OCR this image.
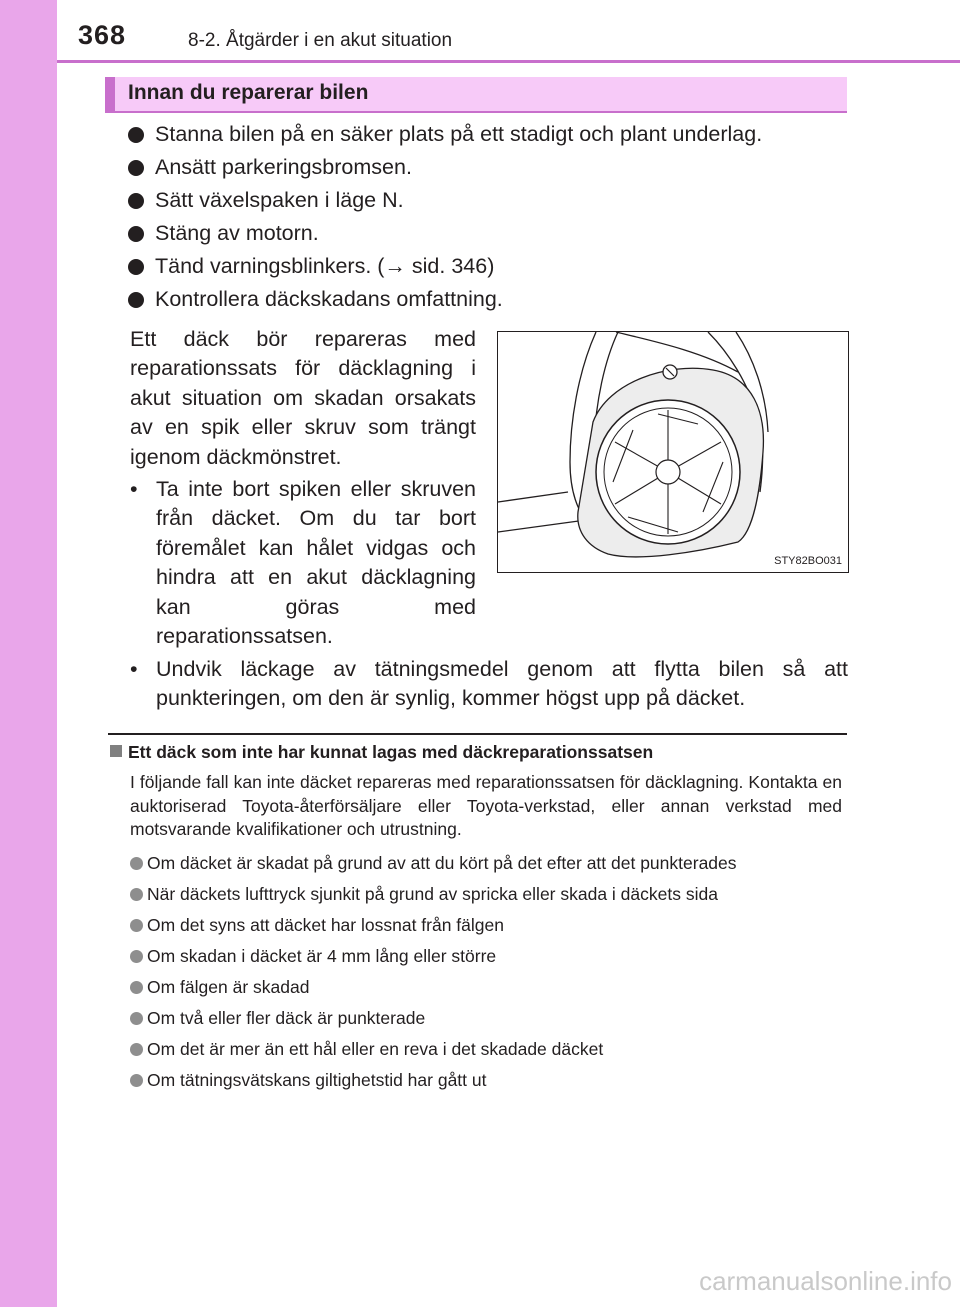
368	8-2. Åtgärder i en akut situation
Innan du reparerar bilen
Stanna bilen på en säker plats på ett stadigt och plant underlag.
Ansätt parkeringsbromsen.
Sätt växelspaken i läge N.
Stäng av motorn.
Tänd varningsblinkers. (→ sid. 346)
Kontrollera däckskadans omfattning.

Ett däck bör repareras med reparationssats för däcklagning i akut situation om skadan orsakats av en spik eller skruv som trängt igenom däckmönstret.

• Ta inte bort spiken eller skruven från däcket. Om du tar bort föremålet kan hålet vidgas och hindra att en akut däcklagning kan göras med reparationssatsen.
• Undvik läckage av tätningsmedel genom att flytta bilen så att punkteringen, om den är synlig, kommer högst upp på däcket.
STY82BO031
Ett däck som inte har kunnat lagas med däckreparationssatsen

I följande fall kan inte däcket repareras med reparationssatsen för däcklagning. Kontakta en auktoriserad Toyota-återförsäljare eller Toyota-verkstad, eller annan verkstad med motsvarande kvalifikationer och utrustning.

Om däcket är skadat på grund av att du kört på det efter att det punkterades
När däckets lufttryck sjunkit på grund av spricka eller skada i däckets sida
Om det syns att däcket har lossnat från fälgen
Om skadan i däcket är 4 mm lång eller större
Om fälgen är skadad
Om två eller fler däck är punkterade
Om det är mer än ett hål eller en reva i det skadade däcket
Om tätningsvätskans giltighetstid har gått ut
carmanualsonline.info
